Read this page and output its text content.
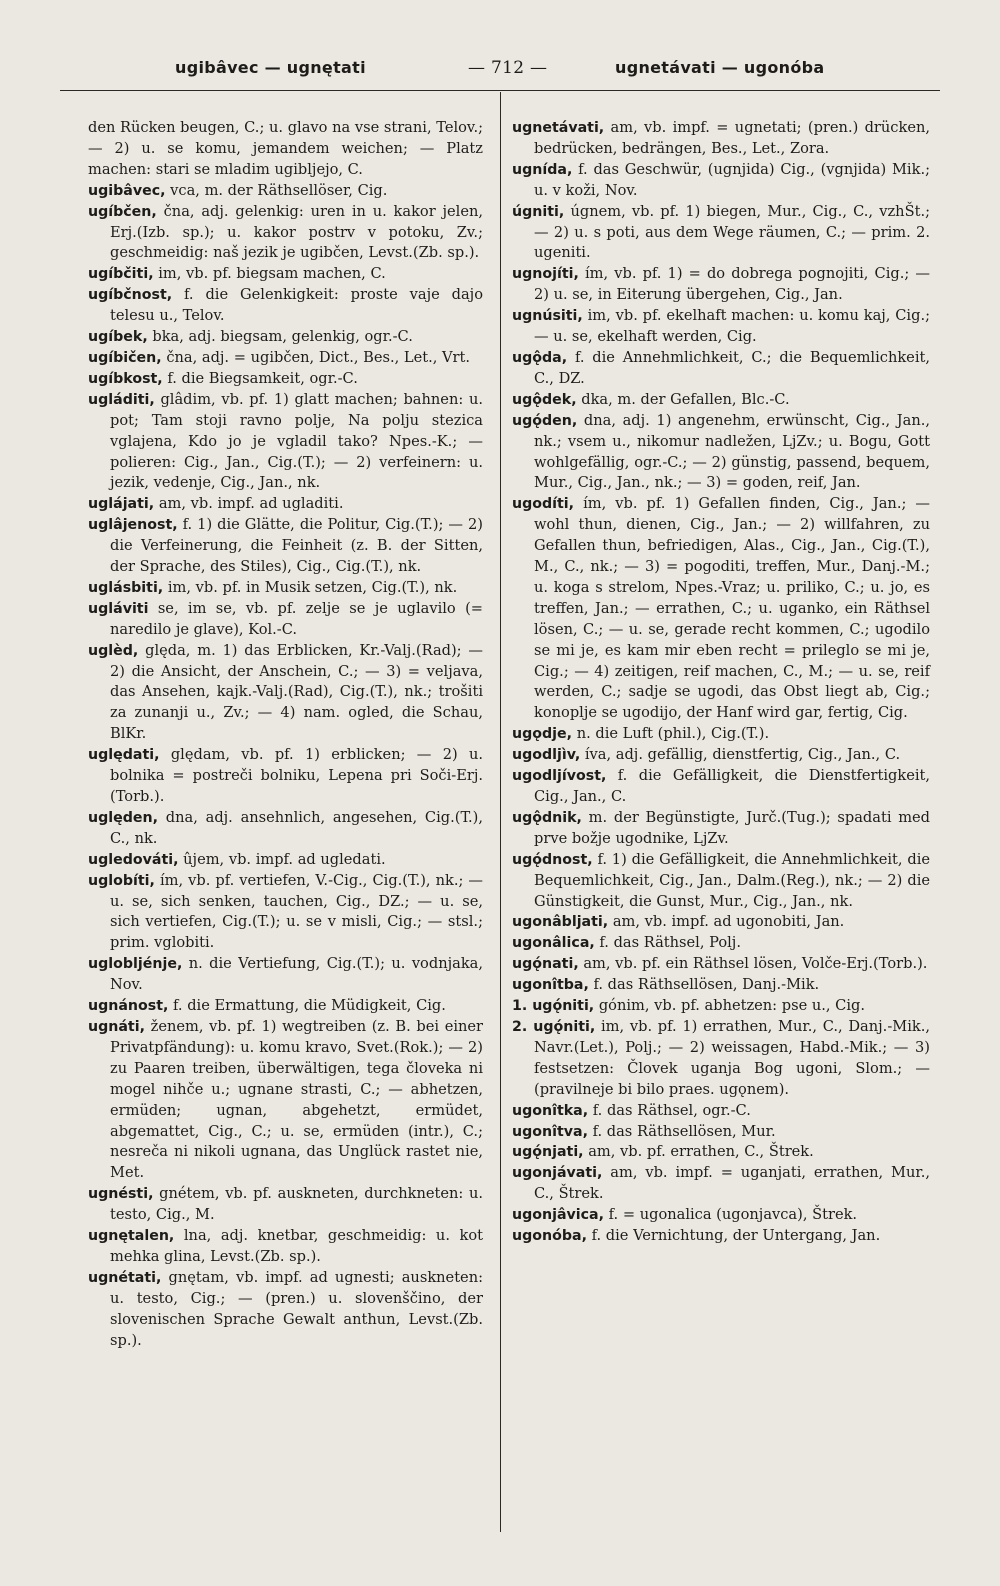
ugibâvec — ugnętati	— 712 —	ugnetávati — ugonóba
den Rücken beugen, C.; u. glavo na vse strani, Telov.; — 2) u. se komu, jemandem weichen; — Platz machen: stari se mladim ugibljejo, C.
ugibâvec, vca, m. der Räthsellöser, Cig.
ugíbčen, čna, adj. gelenkig: uren in u. kakor jelen, Erj.(Izb. sp.); u. kakor postrv v potoku, Zv.; geschmeidig: naš jezik je ugibčen, Levst.(Zb. sp.).
ugíbčiti, im, vb. pf. biegsam machen, C.
ugíbčnost, f. die Gelenkigkeit: proste vaje dajo telesu u., Telov.
ugíbek, bka, adj. biegsam, gelenkig, ogr.-C.
ugíbičen, čna, adj. = ugibčen, Dict., Bes., Let., Vrt.
ugíbkost, f. die Biegsamkeit, ogr.-C.
ugláditi, glâdim, vb. pf. 1) glatt machen; bahnen: u. pot; Tam stoji ravno polje, Na polju stezica vglajena, Kdo jo je vgladil tako? Npes.-K.; — polieren: Cig., Jan., Cig.(T.); — 2) verfeinern: u. jezik, vedenje, Cig., Jan., nk.
ugláјati, am, vb. impf. ad ugladiti.
uglâjenost, f. 1) die Glätte, die Politur, Cig.(T.); — 2) die Verfeinerung, die Feinheit (z. B. der Sitten, der Sprache, des Stiles), Cig., Cig.(T.), nk.
uglásbiti, im, vb. pf. in Musik setzen, Cig.(T.), nk.
ugláviti se, im se, vb. pf. zelje se je uglavilo (= naredilo je glave), Kol.-C.
uglèd, ględa, m. 1) das Erblicken, Kr.-Valj.(Rad); — 2) die Ansicht, der Anschein, C.; — 3) = veljava, das Ansehen, kajk.-Valj.(Rad), Cig.(T.), nk.; trošiti za zunanji u., Zv.; — 4) nam. ogled, die Schau, BlKr.
uględati, ględam, vb. pf. 1) erblicken; — 2) u. bolnika = postreči bolniku, Lepena pri Soči-Erj.(Torb.).
uględen, dna, adj. ansehnlich, angesehen, Cig.(T.), C., nk.
ugledováti, ûjem, vb. impf. ad ugledati.
uglobíti, ím, vb. pf. vertiefen, V.-Cig., Cig.(T.), nk.; — u. se, sich senken, tauchen, Cig., DZ.; — u. se, sich vertiefen, Cig.(T.); u. se v misli, Cig.; — stsl.; prim. vglobiti.
uglobljénje, n. die Vertiefung, Cig.(T.); u. vodnjaka, Nov.
ugnánost, f. die Ermattung, die Müdigkeit, Cig.
ugnáti, ženem, vb. pf. 1) wegtreiben (z. B. bei einer Privatpfändung): u. komu kravo, Svet.(Rok.); — 2) zu Paaren treiben, überwältigen, tega človeka ni mogel nihče u.; ugnane strasti, C.; — abhetzen, ermüden; ugnan, abgehetzt, ermüdet, abgemattet, Cig., C.; u. se, ermüden (intr.), C.; nesreča ni nikoli ugnana, das Unglück rastet nie, Met.
ugnésti, gnétem, vb. pf. auskneten, durchkneten: u. testo, Cig., M.
ugnętalen, lna, adj. knetbar, geschmeidig: u. kot mehka glina, Levst.(Zb. sp.).
ugnétati, gnętam, vb. impf. ad ugnesti; auskneten: u. testo, Cig.; — (pren.) u. slovenščino, der slovenischen Sprache Gewalt anthun, Levst.(Zb. sp.).
ugnetávati, am, vb. impf. = ugnetati; (pren.) drücken, bedrücken, bedrängen, Bes., Let., Zora.
ugnída, f. das Geschwür, (ugnjida) Cig., (vgnjida) Mik.; u. v koži, Nov.
úgniti, úgnem, vb. pf. 1) biegen, Mur., Cig., C., vzhŠt.; — 2) u. s poti, aus dem Wege räumen, C.; — prim. 2. ugeniti.
ugnojíti, ím, vb. pf. 1) = do dobrega pognojiti, Cig.; — 2) u. se, in Eiterung übergehen, Cig., Jan.
ugnúsiti, im, vb. pf. ekelhaft machen: u. komu kaj, Cig.; — u. se, ekelhaft werden, Cig.
ugǫ̂da, f. die Annehmlichkeit, C.; die Bequemlichkeit, C., DZ.
ugǫ̂dek, dka, m. der Gefallen, Blc.-C.
ugǫ́den, dna, adj. 1) angenehm, erwünscht, Cig., Jan., nk.; vsem u., nikomur nadležen, LjZv.; u. Bogu, Gott wohlgefällig, ogr.-C.; — 2) günstig, passend, bequem, Mur., Cig., Jan., nk.; — 3) = goden, reif, Jan.
ugodíti, ím, vb. pf. 1) Gefallen finden, Cig., Jan.; — wohl thun, dienen, Cig., Jan.; — 2) willfahren, zu Gefallen thun, befriedigen, Alas., Cig., Jan., Cig.(T.), M., C., nk.; — 3) = pogoditi, treffen, Mur., Danj.-M.; u. koga s strelom, Npes.-Vraz; u. priliko, C.; u. jo, es treffen, Jan.; — errathen, C.; u. uganko, ein Räthsel lösen, C.; — u. se, gerade recht kommen, C.; ugodilo se mi je, es kam mir eben recht = prileglo se mi je, Cig.; — 4) zeitigen, reif machen, C., M.; — u. se, reif werden, C.; sadje se ugodi, das Obst liegt ab, Cig.; konoplje se ugodijo, der Hanf wird gar, fertig, Cig.
ugǫdje, n. die Luft (phil.), Cig.(T.).
ugodljìv, íva, adj. gefällig, dienstfertig, Cig., Jan., C.
ugodljívost, f. die Gefälligkeit, die Dienstfertigkeit, Cig., Jan., C.
ugǫ̂dnik, m. der Begünstigte, Jurč.(Tug.); spadati med prve božje ugodnike, LjZv.
ugǫ́dnost, f. 1) die Gefälligkeit, die Annehmlichkeit, die Bequemlichkeit, Cig., Jan., Dalm.(Reg.), nk.; — 2) die Günstigkeit, die Gunst, Mur., Cig., Jan., nk.
ugonâbljati, am, vb. impf. ad ugonobiti, Jan.
ugonâlica, f. das Räthsel, Polj.
ugǫ́nati, am, vb. pf. ein Räthsel lösen, Volče-Erj.(Torb.).
ugonîtba, f. das Räthsellösen, Danj.-Mik.
1. ugǫ́niti, gónim, vb. pf. abhetzen: pse u., Cig.
2. ugǫ́niti, im, vb. pf. 1) errathen, Mur., C., Danj.-Mik., Navr.(Let.), Polj.; — 2) weissagen, Habd.-Mik.; — 3) festsetzen: Človek uganja Bog ugoni, Slom.; — (pravilneje bi bilo praes. ugǫnem).
ugonîtka, f. das Räthsel, ogr.-C.
ugonîtva, f. das Räthsellösen, Mur.
ugǫ́njati, am, vb. pf. errathen, C., Štrek.
ugonjávati, am, vb. impf. = uganjati, errathen, Mur., C., Štrek.
ugonjâvica, f. = ugonalica (ugonjavca), Štrek.
ugonóba, f. die Vernichtung, der Untergang, Jan.
